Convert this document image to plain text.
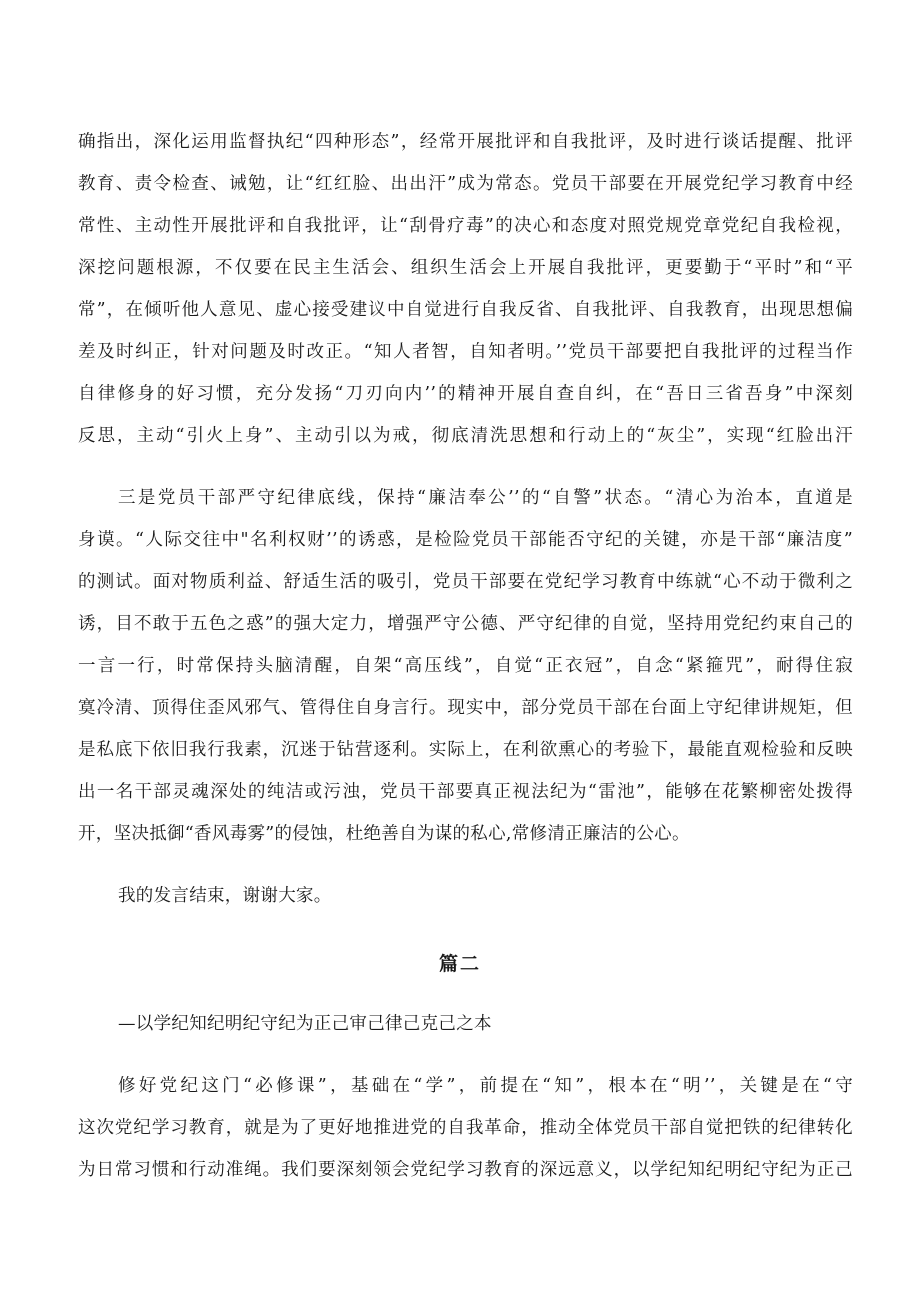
确指出，深化运用监督执纪“四种形态”，经常开展批评和自我批评，及时进行谈话提醒、批评
教育、责令检查、诫勉，让“红红脸、出出汗”成为常态。党员干部要在开展党纪学习教育中经
常性、主动性开展批评和自我批评，让“刮骨疗毒”的决心和态度对照党规党章党纪自我检视，
深挖问题根源，不仅要在民主生活会、组织生活会上开展自我批评，更要勤于“平时”和“平
常”，在倾听他人意见、虚心接受建议中自觉进行自我反省、自我批评、自我教育，出现思想偏
差及时纠正，针对问题及时改正。“知人者智，自知者明。’’党员干部要把自我批评的过程当作
自律修身的好习惯，充分发扬“刀刃向内’’的精神开展自查自纠，在“吾日三省吾身”中深刻
反思，主动“引火上身”、主动引以为戒，彻底清洗思想和行动上的“灰尘”，实现“红脸出汗
三是党员干部严守纪律底线，保持“廉洁奉公’’的“自警”状态。“清心为治本，直道是
身谟。“人际交往中"名利权财’’的诱惑，是检险党员干部能否守纪的关键，亦是干部“廉洁度”
的测试。面对物质利益、舒适生活的吸引，党员干部要在党纪学习教育中练就“心不动于微利之
诱，目不敢于五色之惑”的强大定力，增强严守公德、严守纪律的自觉，坚持用党纪约束自己的
一言一行，时常保持头脑清醒，自架“高压线”，自觉“正衣冠”，自念“紧箍咒”，耐得住寂
寞冷清、顶得住歪风邪气、管得住自身言行。现实中，部分党员干部在台面上守纪律讲规矩，但
是私底下依旧我行我素，沉迷于钻营逐利。实际上，在利欲熏心的考验下，最能直观检验和反映
出一名干部灵魂深处的纯洁或污浊，党员干部要真正视法纪为“雷池”，能够在花繁柳密处拨得
开，坚决抵御“香风毒雾”的侵蚀，杜绝善自为谋的私心,常修清正廉洁的公心。
我的发言结束，谢谢大家。
篇二
—以学纪知纪明纪守纪为正己审己律己克己之本
修好党纪这门“必修课”，基础在“学”，前提在“知”，根本在“明’’，关键是在“守
这次党纪学习教育，就是为了更好地推进党的自我革命，推动全体党员干部自觉把铁的纪律转化
为日常习惯和行动准绳。我们要深刻领会党纪学习教育的深远意义，以学纪知纪明纪守纪为正己
